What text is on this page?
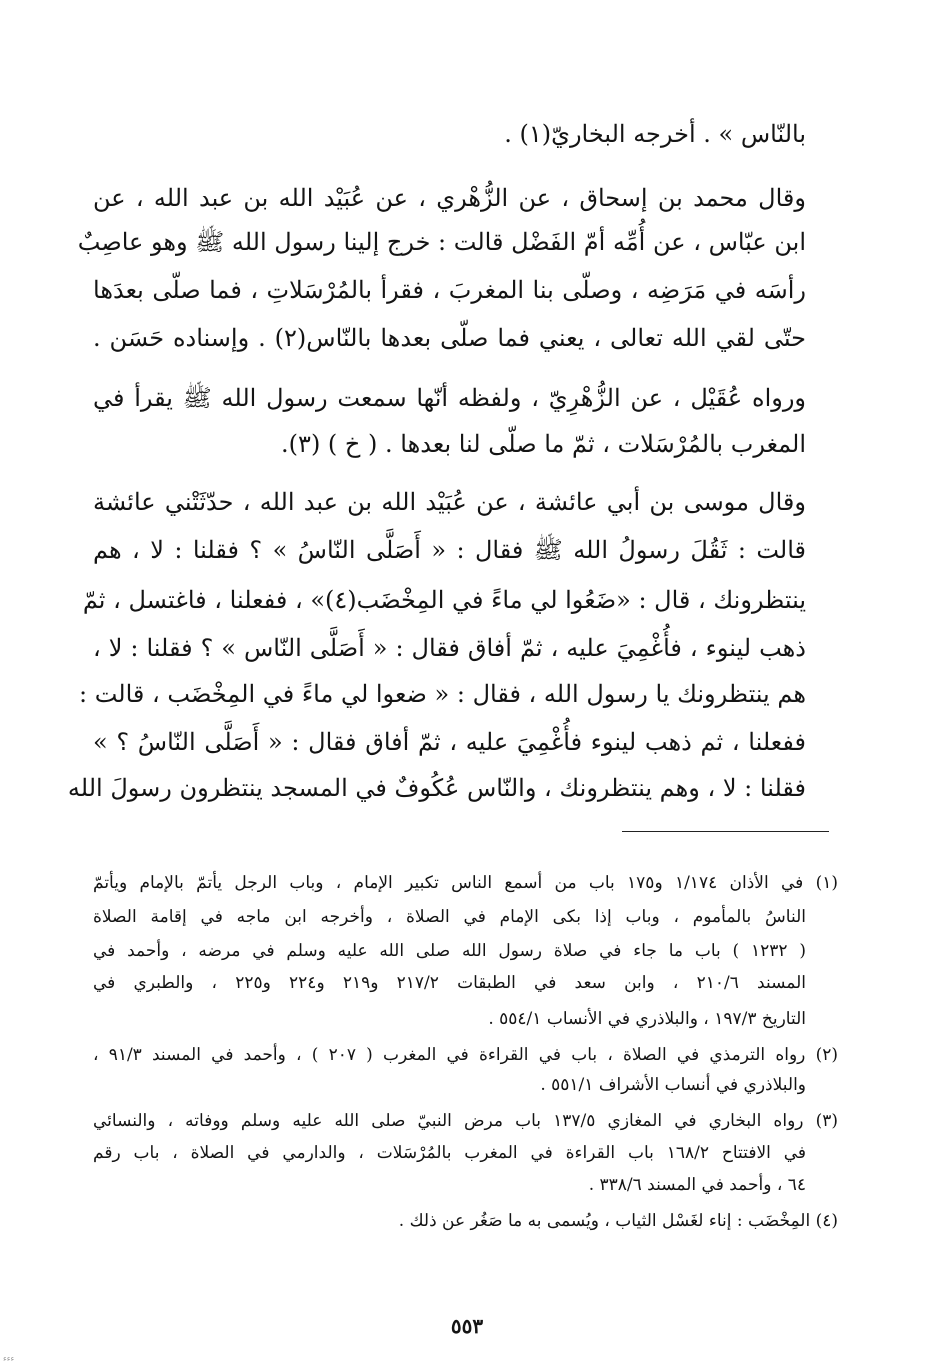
بالنّاس » . أخرجه البخاريّ(١) .
وقال محمد بن إسحاق ، عن الزُّهْري ، عن عُبَيْد الله بن عبد الله ، عن
ابن عبّاس ، عن أُمِّه أمّ الفَضْل قالت : خرج إلينا رسول الله ﷺ وهو عاصِبٌ
رأسَه في مَرَضِه ، وصلّى بنا المغربَ ، فقرأ بالمُرْسَلاتِ ، فما صلّى بعدَها
حتّى لقي الله تعالى ، يعني فما صلّى بعدها بالنّاس(٢) . وإسناده حَسَن .
ورواه عُقَيْل ، عن الزُّهْرِيّ ، ولفظه أنّها سمعت رسول الله ﷺ يقرأ في
المغرب بالمُرْسَلات ، ثمّ ما صلّى لنا بعدها . ( خ ) (٣).
وقال موسى بن أبي عائشة ، عن عُبَيْد الله بن عبد الله ، حدّثَتْني عائشة
قالت : ثَقُلَ رسولُ الله ﷺ فقال : « أَصَلَّى النّاسُ » ؟ فقلنا : لا ، هم
ينتظرونك ، قال : «ضَعُوا لي ماءً في المِخْضَب(٤)» ، ففعلنا ، فاغتسل ، ثمّ
ذهب لينوء ، فأُغْمِيَ عليه ، ثمّ أفاق فقال : « أَصَلَّى النّاس » ؟ فقلنا : لا ،
هم ينتظرونك يا رسول الله ، فقال : « ضعوا لي ماءً في المِخْضَب ، قالت :
ففعلنا ، ثم ذهب لينوء فأُغْمِيَ عليه ، ثمّ أفاق فقال : « أَصَلَّى النّاسُ ؟ »
فقلنا : لا ، وهم ينتظرونك ، والنّاس عُكُوفٌ في المسجد ينتظرون رسولَ الله
(١) في الأذان ١/١٧٤ و١٧٥ باب من أسمع الناس تكبير الإمام ، وباب الرجل يأتمّ بالإمام ويأتمّ
الناسُ بالمأموم ، وباب إذا بكى الإمام في الصلاة ، وأخرجه ابن ماجه في إقامة الصلاة
( ١٢٣٢ ) باب ما جاء في صلاة رسول الله صلى الله عليه وسلم في مرضه ، وأحمد في
المسند ٢١٠/٦ ، وابن سعد في الطبقات ٢١٧/٢ و٢١٩ و٢٢٤ و٢٢٥ ، والطبري في
التاريخ ١٩٧/٣ ، والبلاذري في الأنساب ٥٥٤/١ .
(٢) رواه الترمذي في الصلاة ، باب في القراءة في المغرب ( ٢٠٧ ) ، وأحمد في المسند ٩١/٣ ،
والبلاذري في أنساب الأشراف ٥٥١/١ .
(٣) رواه البخاري في المغازي ١٣٧/٥ باب مرض النبيّ صلى الله عليه وسلم ووفاته ، والنسائي
في الافتتاح ١٦٨/٢ باب القراءة في المغرب بالمُرْسَلات ، والدارمي في الصلاة ، باب رقم
٦٤ ، وأحمد في المسند ٣٣٨/٦ .
(٤) المِخْضَب : إناء لغَسْل الثياب ، ويُسمى به ما صَغُر عن ذلك .
٥٥٣
ﺀﺀﺀ
